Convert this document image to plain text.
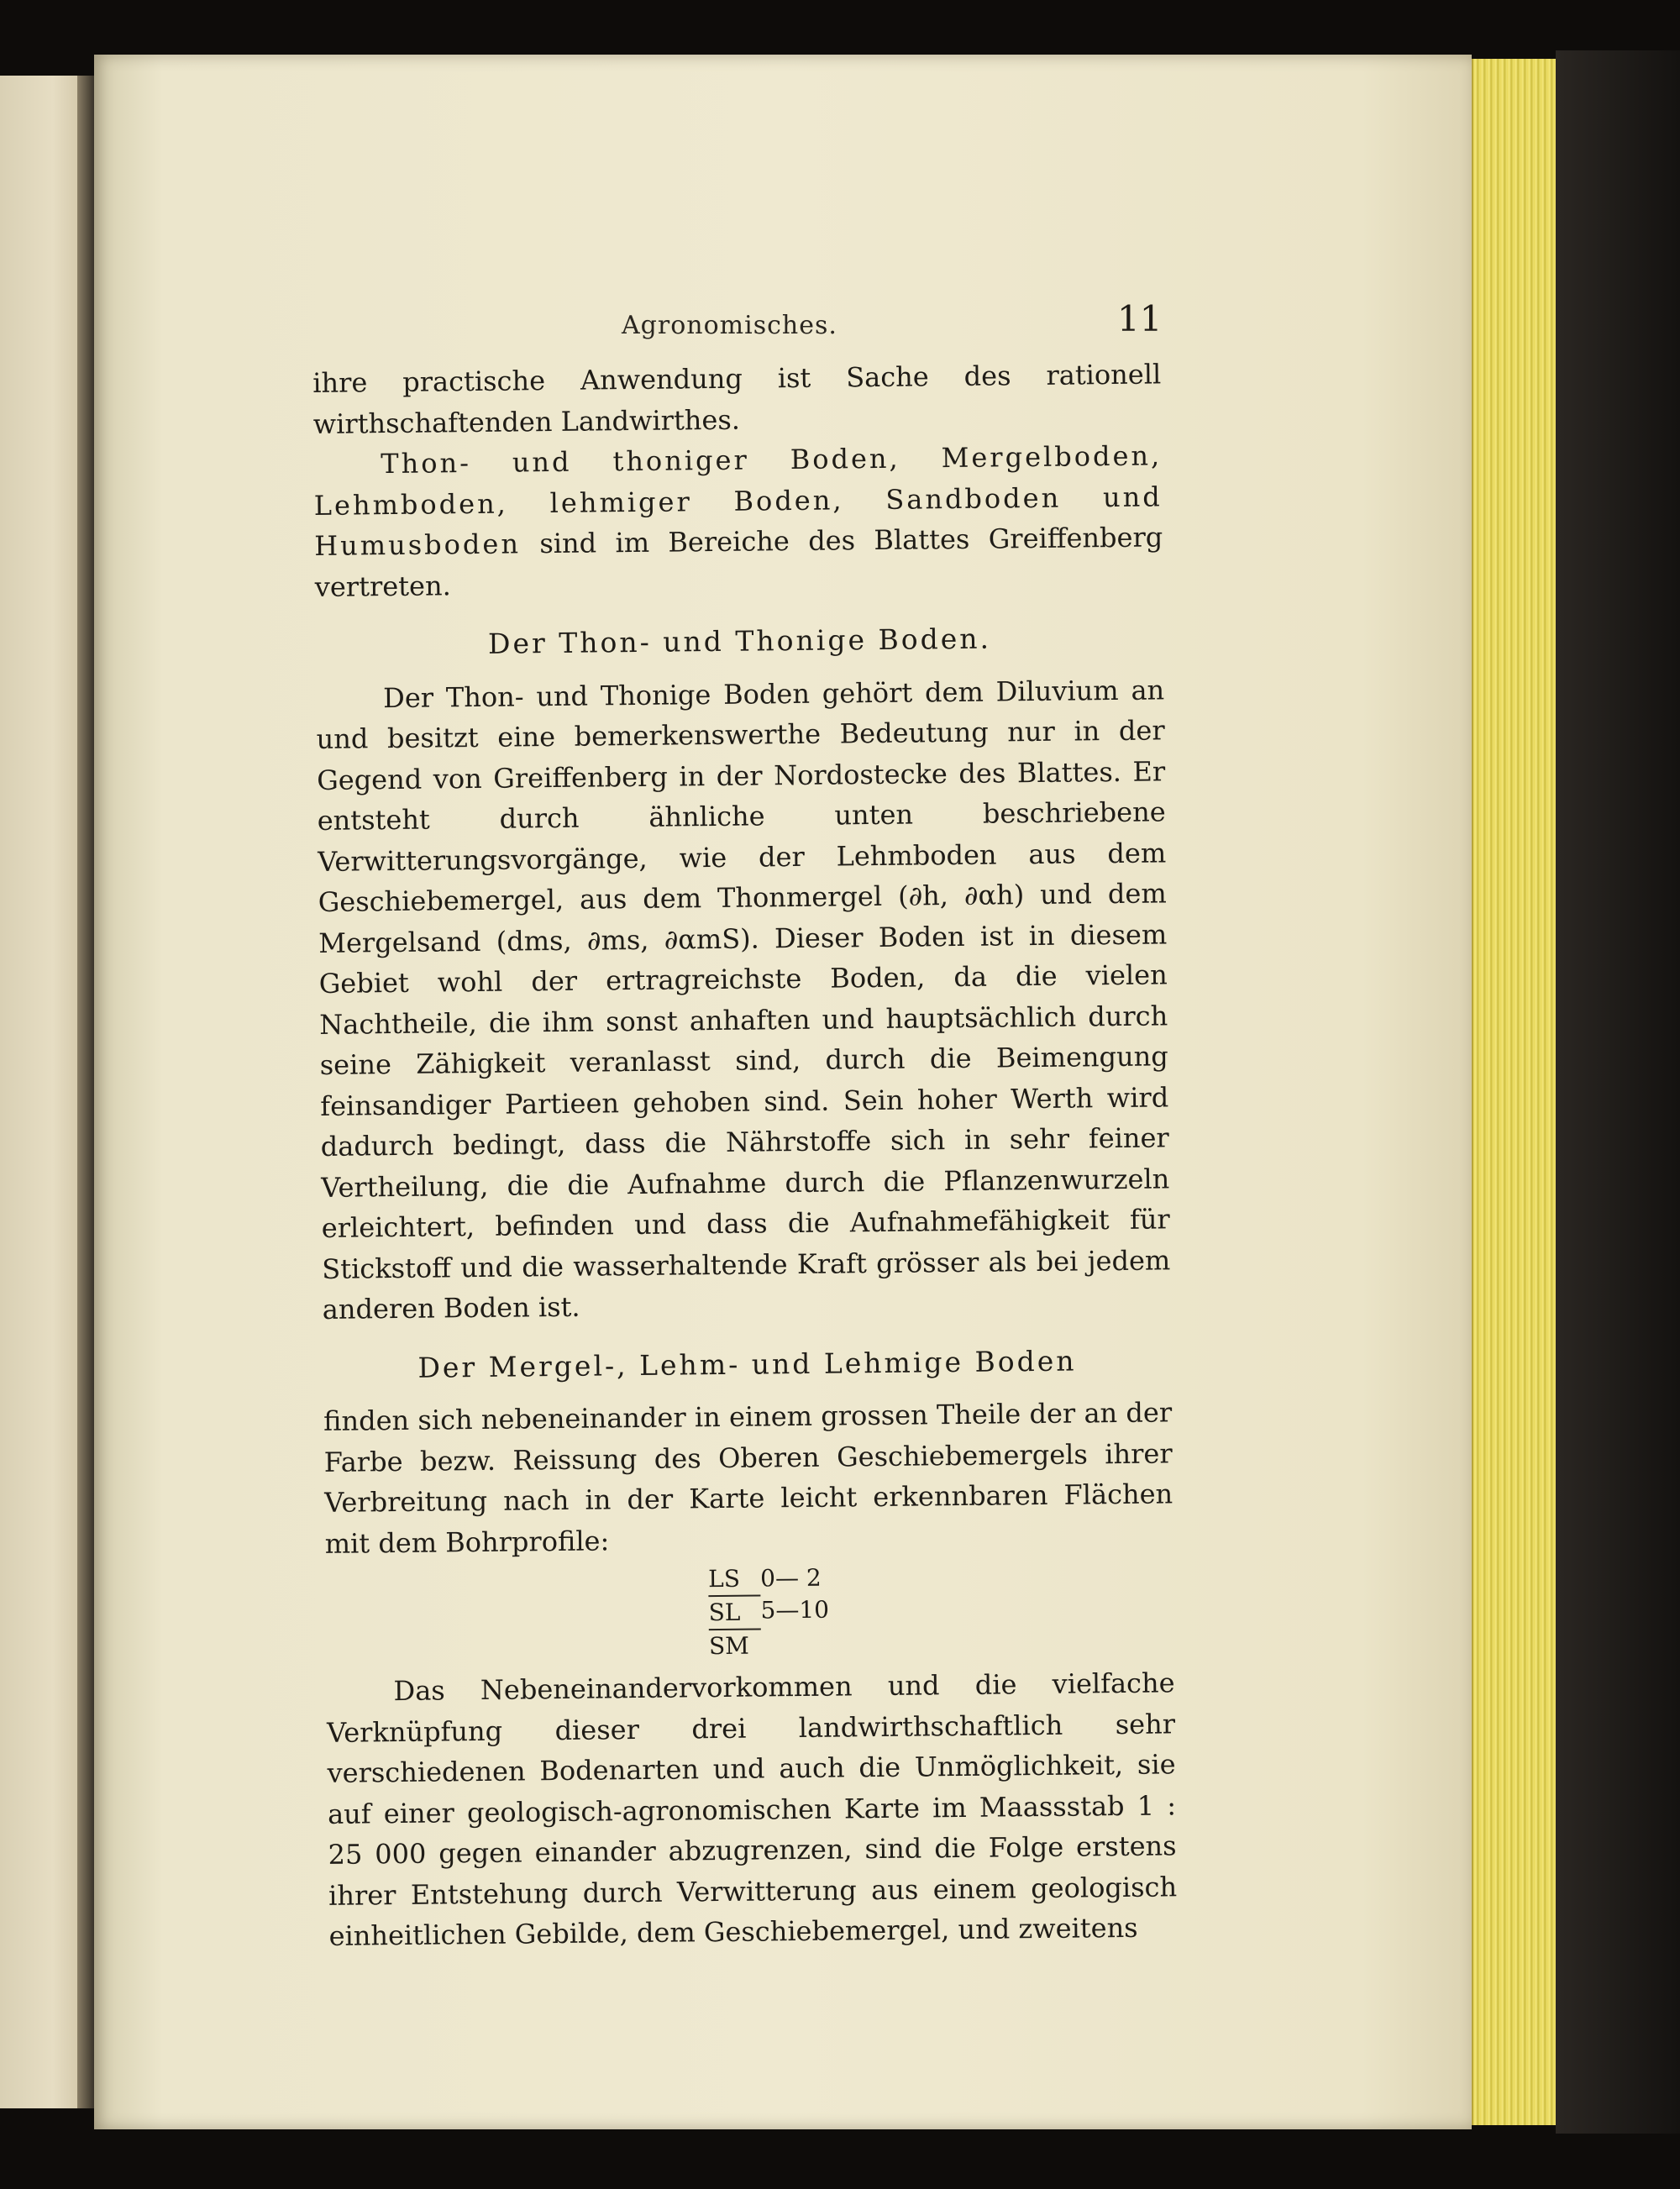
Agronomisches.	11

ihre practische Anwendung ist Sache des rationell wirthschaftenden Landwirthes.

Thon- und thoniger Boden, Mergelboden, Lehmboden, lehmiger Boden, Sandboden und Humusboden sind im Bereiche des Blattes Greiffenberg vertreten.

Der Thon- und Thonige Boden.

Der Thon- und Thonige Boden gehört dem Diluvium an und besitzt eine bemerkenswerthe Bedeutung nur in der Gegend von Greiffenberg in der Nordostecke des Blattes. Er entsteht durch ähnliche unten beschriebene Verwitterungsvorgänge, wie der Lehmboden aus dem Geschiebemergel, aus dem Thonmergel (∂h, ∂αh) und dem Mergelsand (dms, ∂ms, ∂αmS). Dieser Boden ist in diesem Gebiet wohl der ertragreichste Boden, da die vielen Nachtheile, die ihm sonst anhaften und hauptsächlich durch seine Zähigkeit veranlasst sind, durch die Beimengung feinsandiger Partieen gehoben sind. Sein hoher Werth wird dadurch bedingt, dass die Nährstoffe sich in sehr feiner Vertheilung, die die Aufnahme durch die Pflanzenwurzeln erleichtert, befinden und dass die Aufnahmefähigkeit für Stickstoff und die wasserhaltende Kraft grösser als bei jedem anderen Boden ist.

Der Mergel-, Lehm- und Lehmige Boden

finden sich nebeneinander in einem grossen Theile der an der Farbe bezw. Reissung des Oberen Geschiebemergels ihrer Verbreitung nach in der Karte leicht erkennbaren Flächen mit dem Bohrprofile:

LS 0— 2
SL 5—10
SM

Das Nebeneinandervorkommen und die vielfache Verknüpfung dieser drei landwirthschaftlich sehr verschiedenen Bodenarten und auch die Unmöglichkeit, sie auf einer geologisch-agronomischen Karte im Maassstab 1 : 25 000 gegen einander abzugrenzen, sind die Folge erstens ihrer Entstehung durch Verwitterung aus einem geologisch einheitlichen Gebilde, dem Geschiebemergel, und zweitens
